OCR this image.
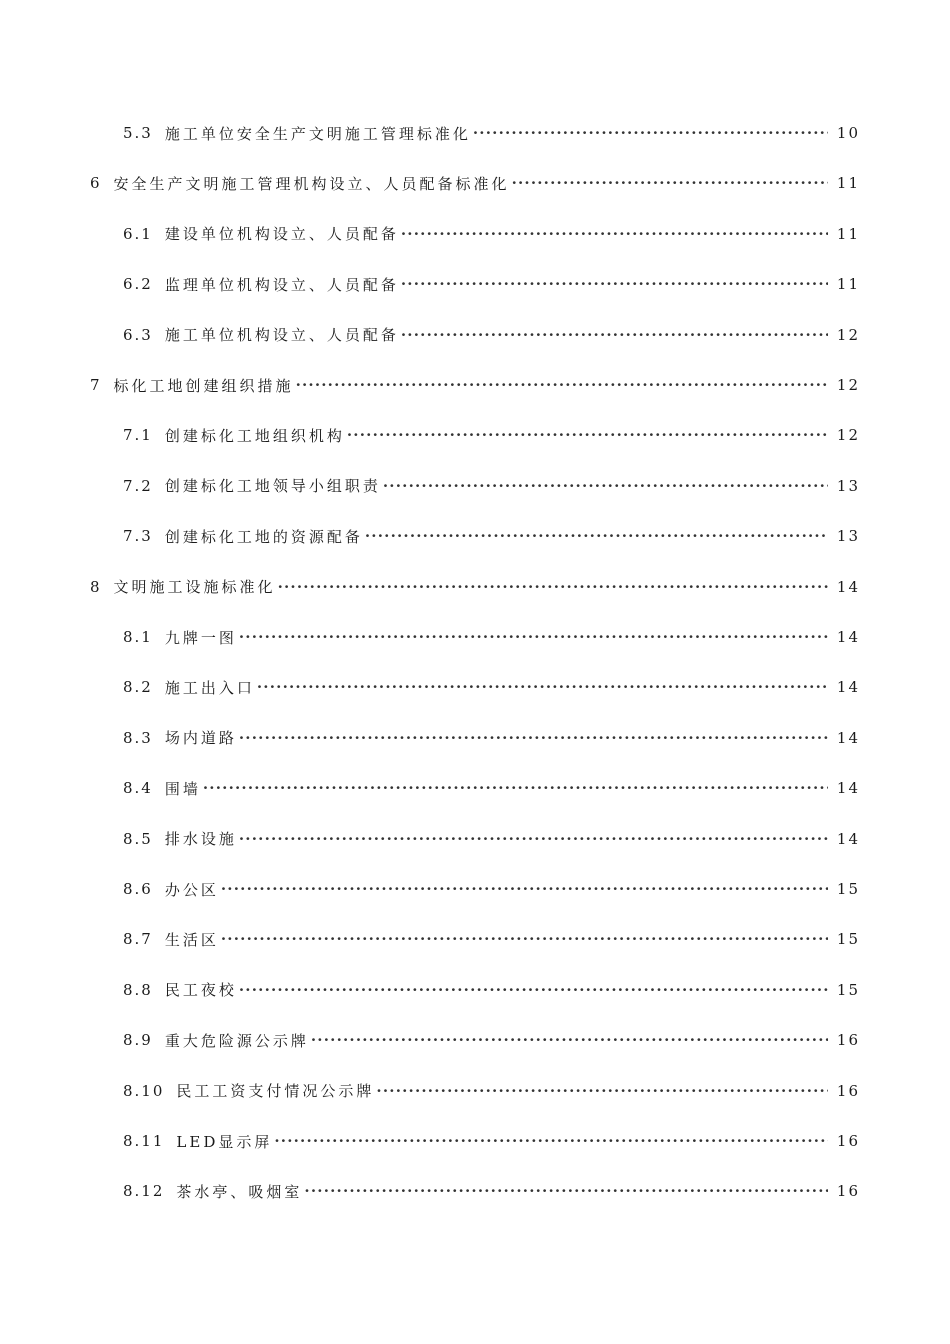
5.3 施工单位安全生产文明施工管理标准化 ·····	10
6 安全生产文明施工管理机构设立、人员配备标准化 ·····	11
6.1 建设单位机构设立、人员配备 ·····	11
6.2 监理单位机构设立、人员配备 ·····	11
6.3 施工单位机构设立、人员配备 ·····	12
7 标化工地创建组织措施 ·····	12
7.1 创建标化工地组织机构 ·····	12
7.2 创建标化工地领导小组职责 ·····	13
7.3 创建标化工地的资源配备 ·····	13
8 文明施工设施标准化 ·····	14
8.1 九牌一图 ·····	14
8.2 施工出入口 ·····	14
8.3 场内道路 ·····	14
8.4 围墙 ·····	14
8.5 排水设施 ·····	14
8.6 办公区 ·····	15
8.7 生活区 ·····	15
8.8 民工夜校 ·····	15
8.9 重大危险源公示牌 ·····	16
8.10 民工工资支付情况公示牌 ·····	16
8.11 LED显示屏 ·····	16
8.12 茶水亭、吸烟室 ·····	16
